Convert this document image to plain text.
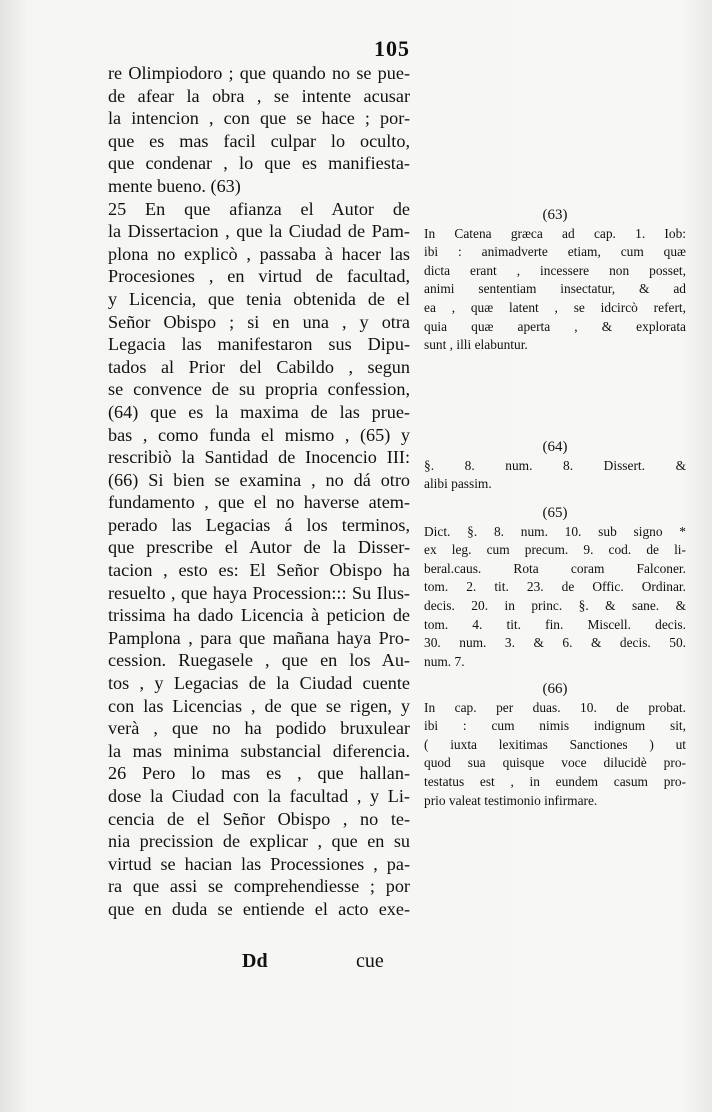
105
re Olimpiodoro ; que quando no se pue-
de afear la obra , se intente acusar
la intencion , con que se hace ; por-
que es mas facil culpar lo oculto,
que condenar , lo que es manifiesta-
mente bueno. (63)
25 En que afianza el Autor de
la Dissertacion , que la Ciudad de Pam-
plona no explicò , passaba à hacer las
Procesiones , en virtud de facultad,
y Licencia, que tenia obtenida de el
Señor Obispo ; si en una , y otra
Legacia las manifestaron sus Dipu-
tados al Prior del Cabildo , segun
se convence de su propria confession,
(64) que es la maxima de las prue-
bas , como funda el mismo , (65) y
rescribiò la Santidad de Inocencio III:
(66) Si bien se examina , no dá otro
fundamento , que el no haverse atem-
perado las Legacias á los terminos,
que prescribe el Autor de la Disser-
tacion , esto es: El Señor Obispo ha
resuelto , que haya Procession::: Su Ilus-
trissima ha dado Licencia à peticion de
Pamplona , para que mañana haya Pro-
cession. Ruegasele , que en los Au-
tos , y Legacias de la Ciudad cuente
con las Licencias , de que se rigen, y
verà , que no ha podido bruxulear
la mas minima substancial diferencia.
26 Pero lo mas es , que hallan-
dose la Ciudad con la facultad , y Li-
cencia de el Señor Obispo , no te-
nia precission de explicar , que en su
virtud se hacian las Processiones , pa-
ra que assi se comprehendiesse ; por
que en duda se entiende el acto exe-
Dd	cue
(63)
In Catena græca ad cap. 1. Iob:
ibi : animadverte etiam, cum quæ
dicta erant , incessere non posset,
animi sententiam insectatur, & ad
ea , quæ latent , se idcircò refert,
quia quæ aperta , & explorata
sunt , illi elabuntur.
(64)
§. 8. num. 8. Dissert. &
alibi passim.
(65)
Dict. §. 8. num. 10. sub signo *
ex leg. cum precum. 9. cod. de li-
beral.caus. Rota coram Falconer.
tom. 2. tit. 23. de Offic. Ordinar.
decis. 20. in princ. §. & sane. &
tom. 4. tit. fin. Miscell. decis.
30. num. 3. & 6. & decis. 50.
num. 7.
(66)
In cap. per duas. 10. de probat.
ibi : cum nimis indignum sit,
( iuxta lexitimas Sanctiones ) ut
quod sua quisque voce dilucidè pro-
testatus est , in eundem casum pro-
prio valeat testimonio infirmare.
